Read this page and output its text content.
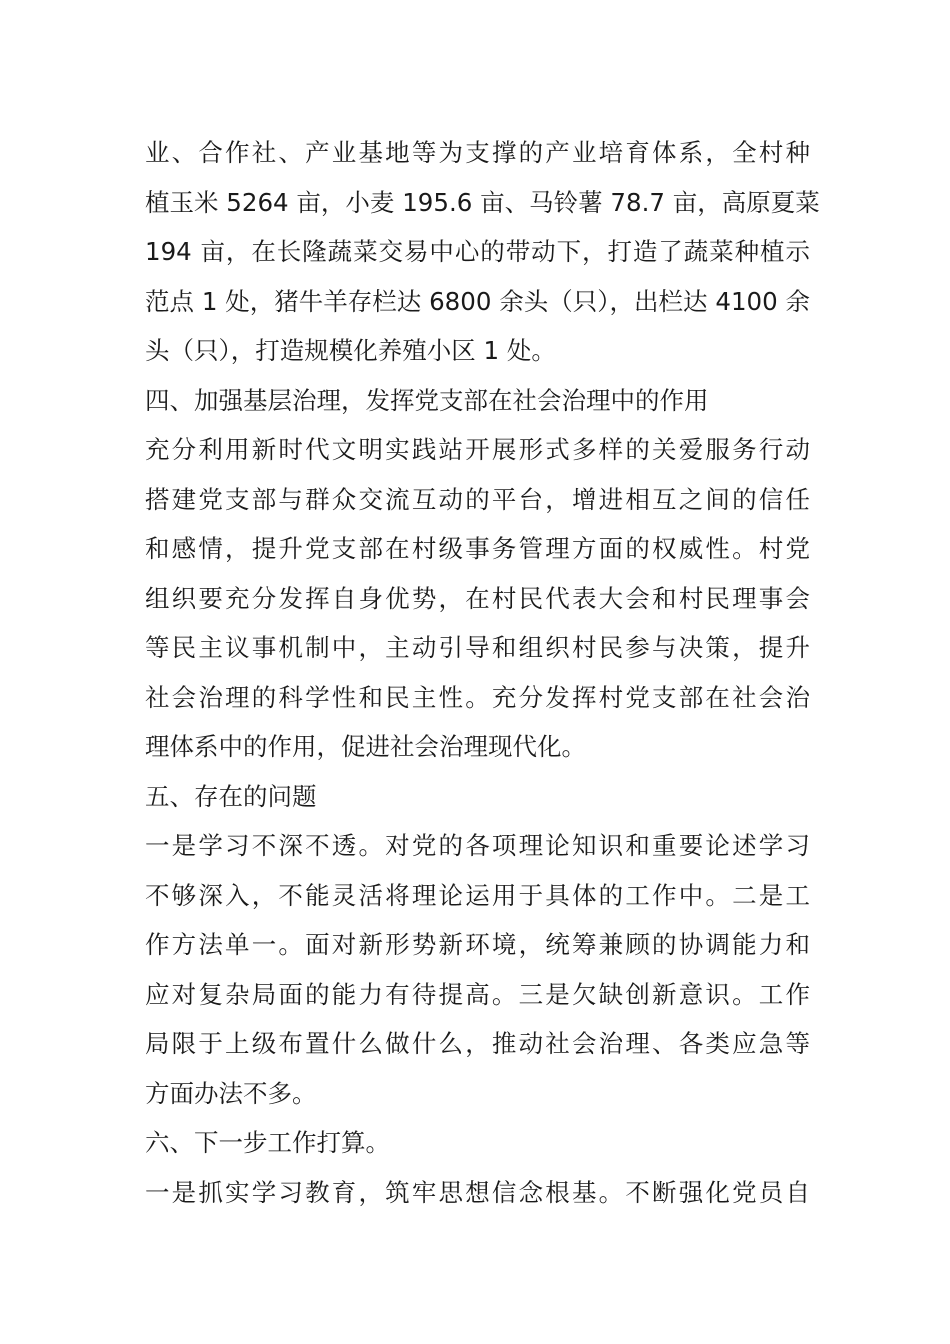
业、合作社、产业基地等为支撑的产业培育体系，全村种
植玉米 5264 亩，小麦 195.6 亩、马铃薯 78.7 亩，高原夏菜
194 亩，在长隆蔬菜交易中心的带动下，打造了蔬菜种植示
范点 1 处，猪牛羊存栏达 6800 余头（只），出栏达 4100 余
头（只），打造规模化养殖小区 1 处。
四、加强基层治理，发挥党支部在社会治理中的作用
充分利用新时代文明实践站开展形式多样的关爱服务行动
搭建党支部与群众交流互动的平台，增进相互之间的信任
和感情，提升党支部在村级事务管理方面的权威性。村党
组织要充分发挥自身优势，在村民代表大会和村民理事会
等民主议事机制中，主动引导和组织村民参与决策，提升
社会治理的科学性和民主性。充分发挥村党支部在社会治
理体系中的作用，促进社会治理现代化。
五、存在的问题
一是学习不深不透。对党的各项理论知识和重要论述学习
不够深入，不能灵活将理论运用于具体的工作中。二是工
作方法单一。面对新形势新环境，统筹兼顾的协调能力和
应对复杂局面的能力有待提高。三是欠缺创新意识。工作
局限于上级布置什么做什么，推动社会治理、各类应急等
方面办法不多。
六、下一步工作打算。
一是抓实学习教育，筑牢思想信念根基。不断强化党员自
